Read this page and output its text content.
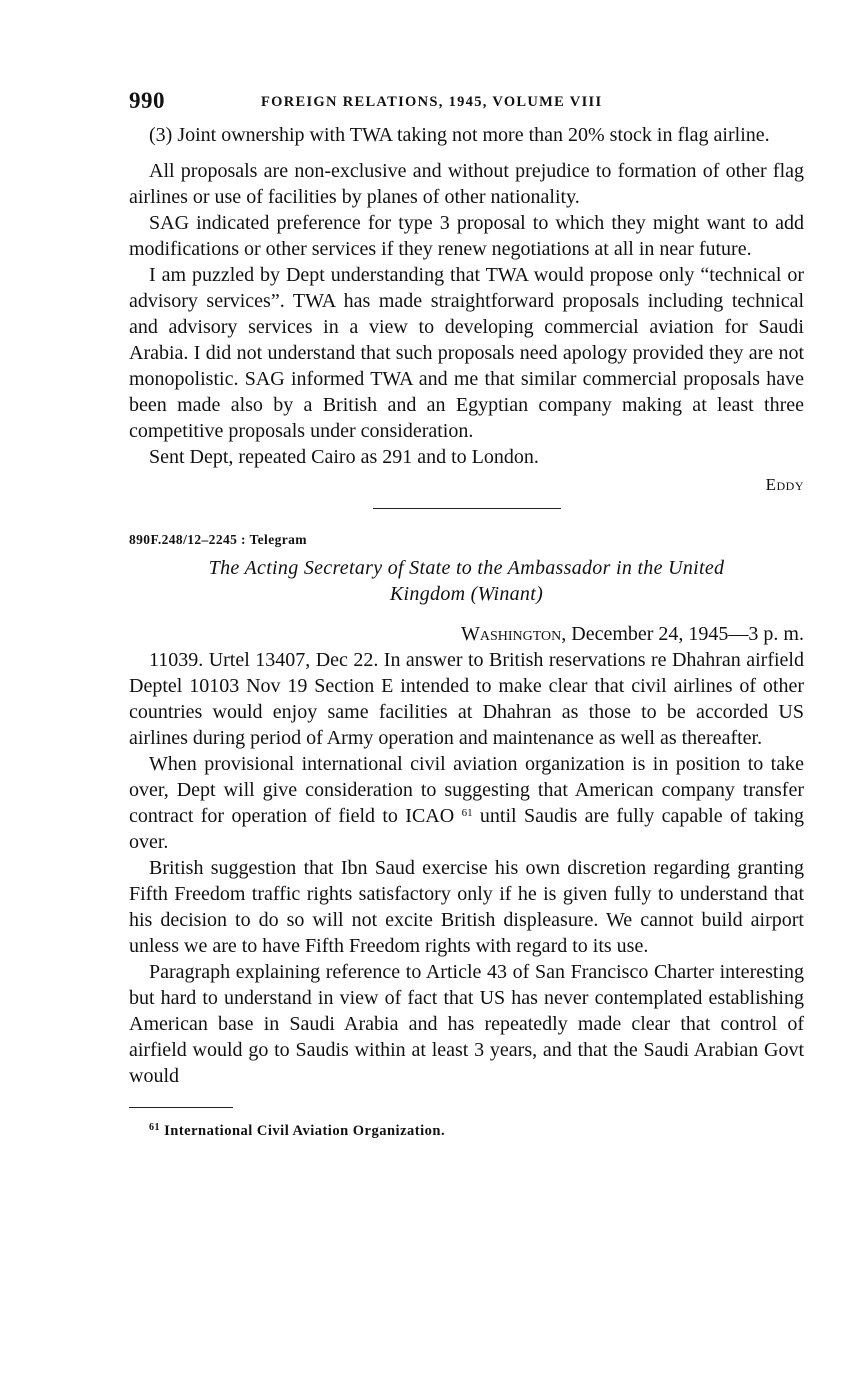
990	FOREIGN RELATIONS, 1945, VOLUME VIII

(3) Joint ownership with TWA taking not more than 20% stock in flag airline.

All proposals are non-exclusive and without prejudice to formation of other flag airlines or use of facilities by planes of other nationality.

SAG indicated preference for type 3 proposal to which they might want to add modifications or other services if they renew negotiations at all in near future.

I am puzzled by Dept understanding that TWA would propose only “technical or advisory services”. TWA has made straightforward proposals including technical and advisory services in a view to developing commercial aviation for Saudi Arabia. I did not understand that such proposals need apology provided they are not monopolistic. SAG informed TWA and me that similar commercial proposals have been made also by a British and an Egyptian company making at least three competitive proposals under consideration.

Sent Dept, repeated Cairo as 291 and to London.

Eddy
890F.248/12–2245 : Telegram
The Acting Secretary of State to the Ambassador in the United
Kingdom (Winant)
Washington, December 24, 1945—3 p. m.

11039. Urtel 13407, Dec 22. In answer to British reservations re Dhahran airfield Deptel 10103 Nov 19 Section E intended to make clear that civil airlines of other countries would enjoy same facilities at Dhahran as those to be accorded US airlines during period of Army operation and maintenance as well as thereafter.

When provisional international civil aviation organization is in position to take over, Dept will give consideration to suggesting that American company transfer contract for operation of field to ICAO $^{61}$ until Saudis are fully capable of taking over.

British suggestion that Ibn Saud exercise his own discretion regarding granting Fifth Freedom traffic rights satisfactory only if he is given fully to understand that his decision to do so will not excite British displeasure. We cannot build airport unless we are to have Fifth Freedom rights with regard to its use.

Paragraph explaining reference to Article 43 of San Francisco Charter interesting but hard to understand in view of fact that US has never contemplated establishing American base in Saudi Arabia and has repeatedly made clear that control of airfield would go to Saudis within at least 3 years, and that the Saudi Arabian Govt would

$^{61}$ International Civil Aviation Organization.
